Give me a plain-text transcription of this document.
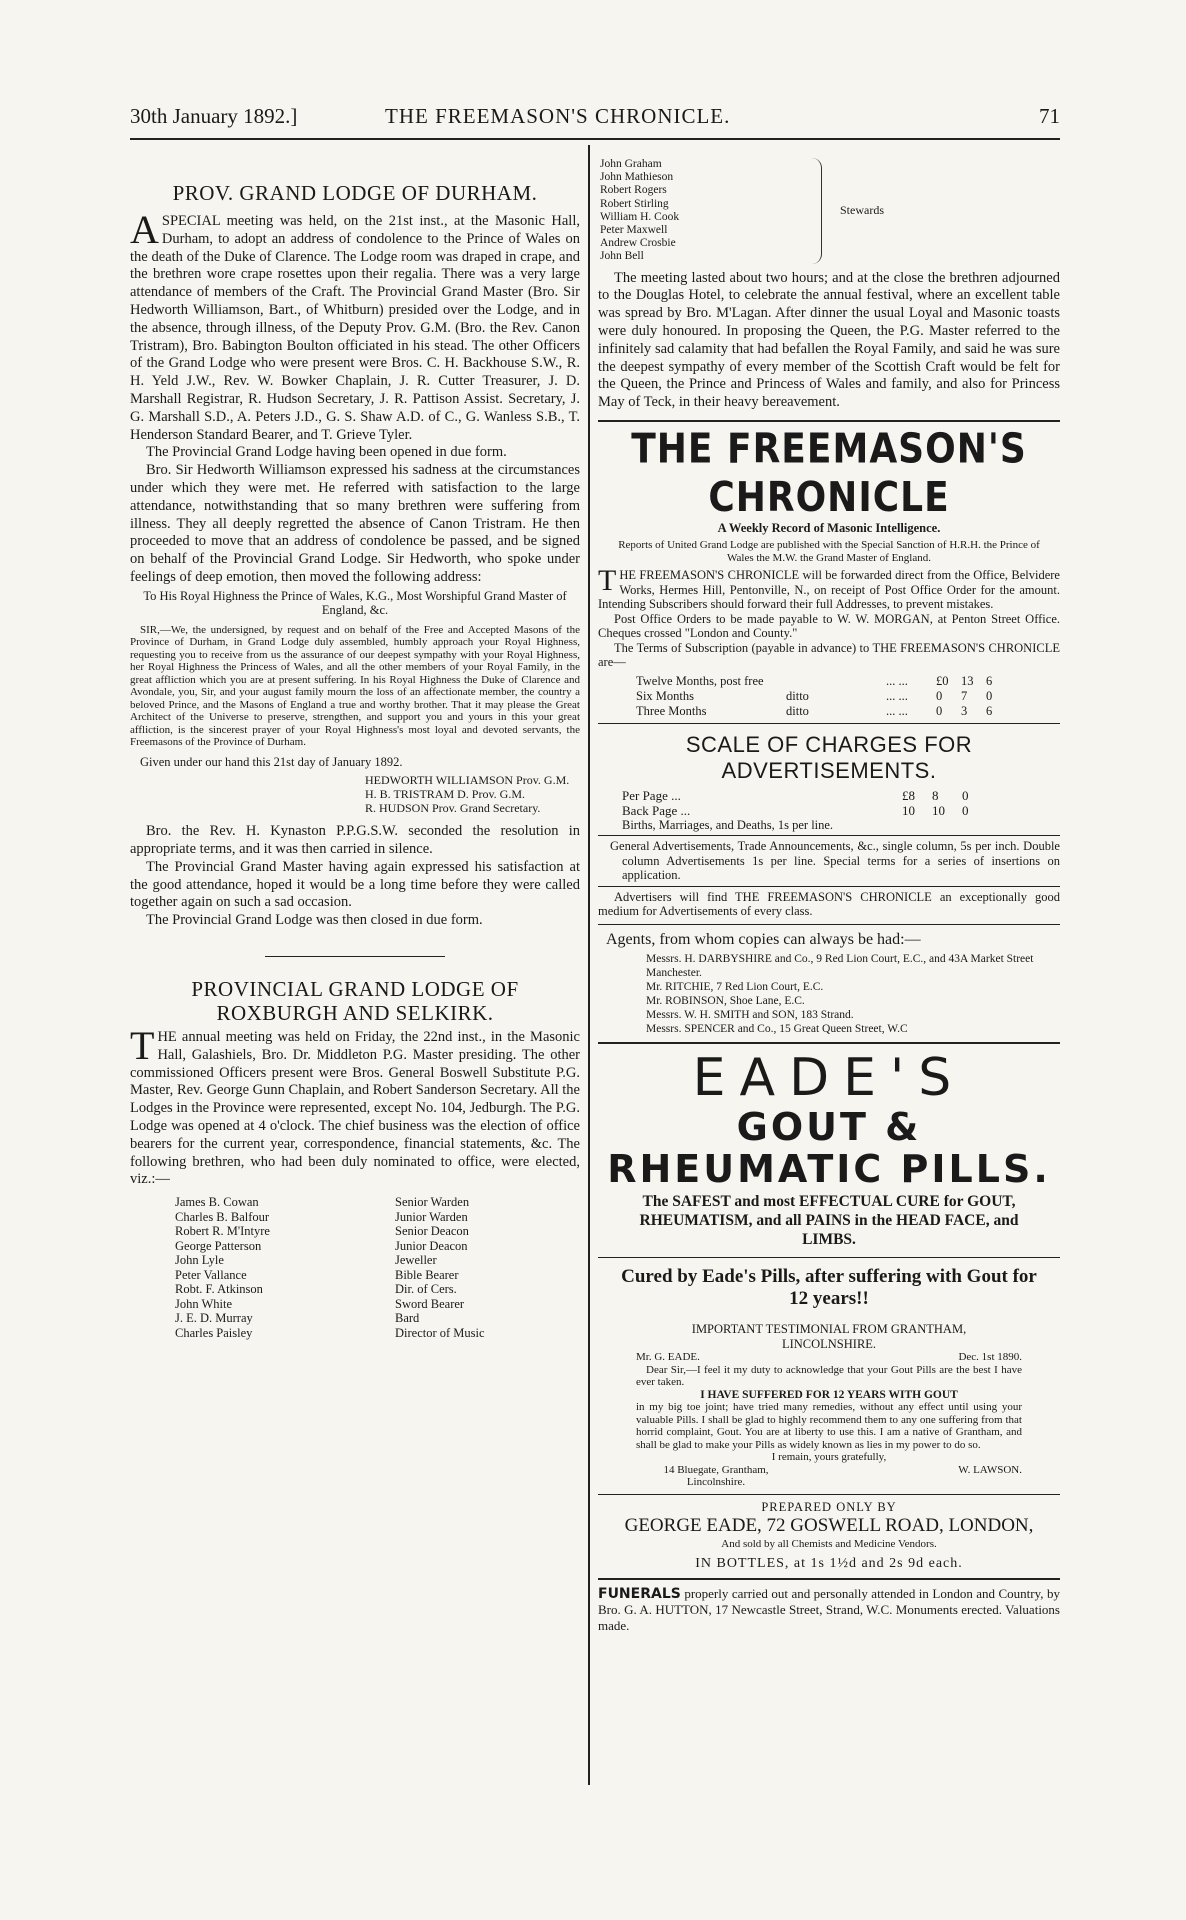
30th January 1892.]	THE FREEMASON'S CHRONICLE.	71
PROV. GRAND LODGE OF DURHAM.

ASPECIAL meeting was held, on the 21st inst., at the Masonic Hall, Durham, to adopt an address of condolence to the Prince of Wales on the death of the Duke of Clarence. The Lodge room was draped in crape, and the brethren wore crape rosettes upon their regalia. There was a very large attendance of members of the Craft. The Provincial Grand Master (Bro. Sir Hedworth Williamson, Bart., of Whitburn) presided over the Lodge, and in the absence, through illness, of the Deputy Prov. G.M. (Bro. the Rev. Canon Tristram), Bro. Babington Boulton officiated in his stead. The other Officers of the Grand Lodge who were present were Bros. C. H. Backhouse S.W., R. H. Yeld J.W., Rev. W. Bowker Chaplain, J. R. Cutter Treasurer, J. D. Marshall Registrar, R. Hudson Secretary, J. R. Pattison Assist. Secretary, J. G. Marshall S.D., A. Peters J.D., G. S. Shaw A.D. of C., G. Wanless S.B., T. Henderson Standard Bearer, and T. Grieve Tyler.

The Provincial Grand Lodge having been opened in due form.

Bro. Sir Hedworth Williamson expressed his sadness at the circumstances under which they were met. He referred with satisfaction to the large attendance, notwithstanding that so many brethren were suffering from illness. They all deeply regretted the absence of Canon Tristram. He then proceeded to move that an address of condolence be passed, and be signed on behalf of the Provincial Grand Lodge. Sir Hedworth, who spoke under feelings of deep emotion, then moved the following address:

To His Royal Highness the Prince of Wales, K.G., Most Worshipful Grand Master of England, &c.

SIR,—We, the undersigned, by request and on behalf of the Free and Accepted Masons of the Province of Durham, in Grand Lodge duly assembled, humbly approach your Royal Highness, requesting you to receive from us the assurance of our deepest sympathy with your Royal Highness, her Royal Highness the Princess of Wales, and all the other members of your Royal Family, in the great affliction which you are at present suffering. In his Royal Highness the Duke of Clarence and Avondale, you, Sir, and your august family mourn the loss of an affectionate member, the country a beloved Prince, and the Masons of England a true and worthy brother. That it may please the Great Architect of the Universe to preserve, strengthen, and support you and yours in this your great affliction, is the sincerest prayer of your Royal Highness's most loyal and devoted servants, the Freemasons of the Province of Durham.

Given under our hand this 21st day of January 1892.

HEDWORTH WILLIAMSON Prov. G.M.
H. B. TRISTRAM D. Prov. G.M.
R. HUDSON Prov. Grand Secretary.

Bro. the Rev. H. Kynaston P.P.G.S.W. seconded the resolution in appropriate terms, and it was then carried in silence.

The Provincial Grand Master having again expressed his satisfaction at the good attendance, hoped it would be a long time before they were called together again on such a sad occasion.

The Provincial Grand Lodge was then closed in due form.

PROVINCIAL GRAND LODGE OF
ROXBURGH AND SELKIRK.

THE annual meeting was held on Friday, the 22nd inst., in the Masonic Hall, Galashiels, Bro. Dr. Middleton P.G. Master presiding. The other commissioned Officers present were Bros. General Boswell Substitute P.G. Master, Rev. George Gunn Chaplain, and Robert Sanderson Secretary. All the Lodges in the Province were represented, except No. 104, Jedburgh. The P.G. Lodge was opened at 4 o'clock. The chief business was the election of office bearers for the current year, correspondence, financial statements, &c. The following brethren, who had been duly nominated to office, were elected, viz.:—

James B. Cowan	Senior Warden
Charles B. Balfour	Junior Warden
Robert R. M'Intyre	Senior Deacon
George Patterson	Junior Deacon
John Lyle	Jeweller
Peter Vallance	Bible Bearer
Robt. F. Atkinson	Dir. of Cers.
John White	Sword Bearer
J. E. D. Murray	Bard
Charles Paisley	Director of Music
John Graham
John Mathieson
Robert Rogers
Robert Stirling
William H. Cook
Peter Maxwell
Andrew Crosbie
John Bell
Stewards

The meeting lasted about two hours; and at the close the brethren adjourned to the Douglas Hotel, to celebrate the annual festival, where an excellent table was spread by Bro. M'Lagan. After dinner the usual Loyal and Masonic toasts were duly honoured. In proposing the Queen, the P.G. Master referred to the infinitely sad calamity that had befallen the Royal Family, and said he was sure the deepest sympathy of every member of the Scottish Craft would be felt for the Queen, the Prince and Princess of Wales and family, and also for Princess May of Teck, in their heavy bereavement.

THE FREEMASON'S CHRONICLE
A Weekly Record of Masonic Intelligence.

Reports of United Grand Lodge are published with the Special Sanction of H.R.H. the Prince of Wales the M.W. the Grand Master of England.

THE FREEMASON'S CHRONICLE will be forwarded direct from the Office, Belvidere Works, Hermes Hill, Pentonville, N., on receipt of Post Office Order for the amount. Intending Subscribers should forward their full Addresses, to prevent mistakes.

Post Office Orders to be made payable to W. W. MORGAN, at Penton Street Office. Cheques crossed "London and County."

The Terms of Subscription (payable in advance) to THE FREEMASON'S CHRONICLE are—

Twelve Months, post free	... ...	£0	13	6
Six Months	ditto	... ...	0	7	0
Three Months	ditto	... ...	0	3	6
SCALE OF CHARGES FOR ADVERTISEMENTS.
Per Page ...	£8	8	0
Back Page ...	10	10	0

Births, Marriages, and Deaths, 1s per line.

General Advertisements, Trade Announcements, &c., single column, 5s per inch. Double column Advertisements 1s per line. Special terms for a series of insertions on application.

Advertisers will find THE FREEMASON'S CHRONICLE an exceptionally good medium for Advertisements of every class.

Agents, from whom copies can always be had:—

Messrs. H. DARBYSHIRE and Co., 9 Red Lion Court, E.C., and 43A Market Street Manchester.
Mr. RITCHIE, 7 Red Lion Court, E.C.
Mr. ROBINSON, Shoe Lane, E.C.
Messrs. W. H. SMITH and SON, 183 Strand.
Messrs. SPENCER and Co., 15 Great Queen Street, W.C
EADE'S
GOUT & RHEUMATIC PILLS.

The SAFEST and most EFFECTUAL CURE for GOUT, RHEUMATISM, and all PAINS in the HEAD FACE, and LIMBS.

Cured by Eade's Pills, after suffering with Gout for 12 years!!

IMPORTANT TESTIMONIAL FROM GRANTHAM, LINCOLNSHIRE.

Mr. G. EADE.	Dec. 1st 1890.

Dear Sir,—I feel it my duty to acknowledge that your Gout Pills are the best I have ever taken.

I HAVE SUFFERED FOR 12 YEARS WITH GOUT

in my big toe joint; have tried many remedies, without any effect until using your valuable Pills. I shall be glad to highly recommend them to any one suffering from that horrid complaint, Gout. You are at liberty to use this. I am a native of Grantham, and shall be glad to make your Pills as widely known as lies in my power to do so.

I remain, yours gratefully,

14 Bluegate, Grantham, Lincolnshire.
W. LAWSON.

PREPARED ONLY BY

GEORGE EADE, 72 GOSWELL ROAD, LONDON,

And sold by all Chemists and Medicine Vendors.

IN BOTTLES, at 1s 1½d and 2s 9d each.

FUNERALS properly carried out and personally attended in London and Country, by Bro. G. A. HUTTON, 17 Newcastle Street, Strand, W.C. Monuments erected. Valuations made.
